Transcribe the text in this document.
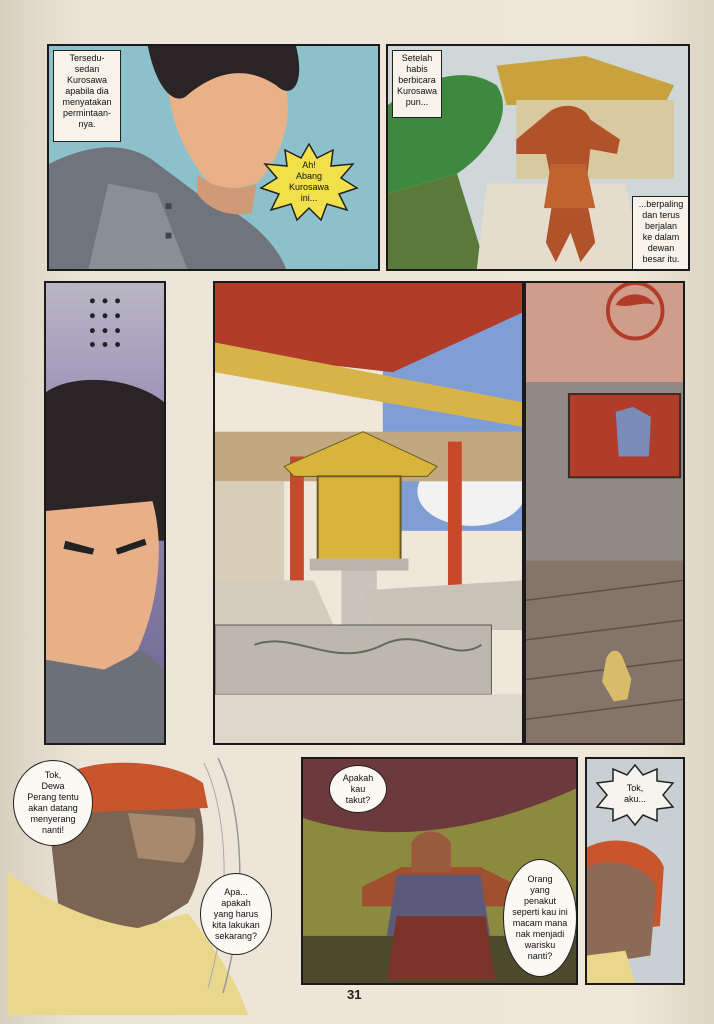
Tersedu-
sedan
Kurosawa
apabila dia
menyatakan
permintaan-
nya.
Ah!
Abang
Kurosawa
ini...
Setelah
habis
berbicara
Kurosawa
pun...
...berpaling
dan terus
berjalan
ke dalam
dewan
besar itu.
Tok,
Dewa
Perang tentu
akan datang
menyerang
nanti!
Apa...
apakah
yang harus
kita lakukan
sekarang?
Apakah
kau
takut?
Orang
yang
penakut
seperti kau ini
macam mana
nak menjadi
warisku
nanti?
Tok,
aku...
31
